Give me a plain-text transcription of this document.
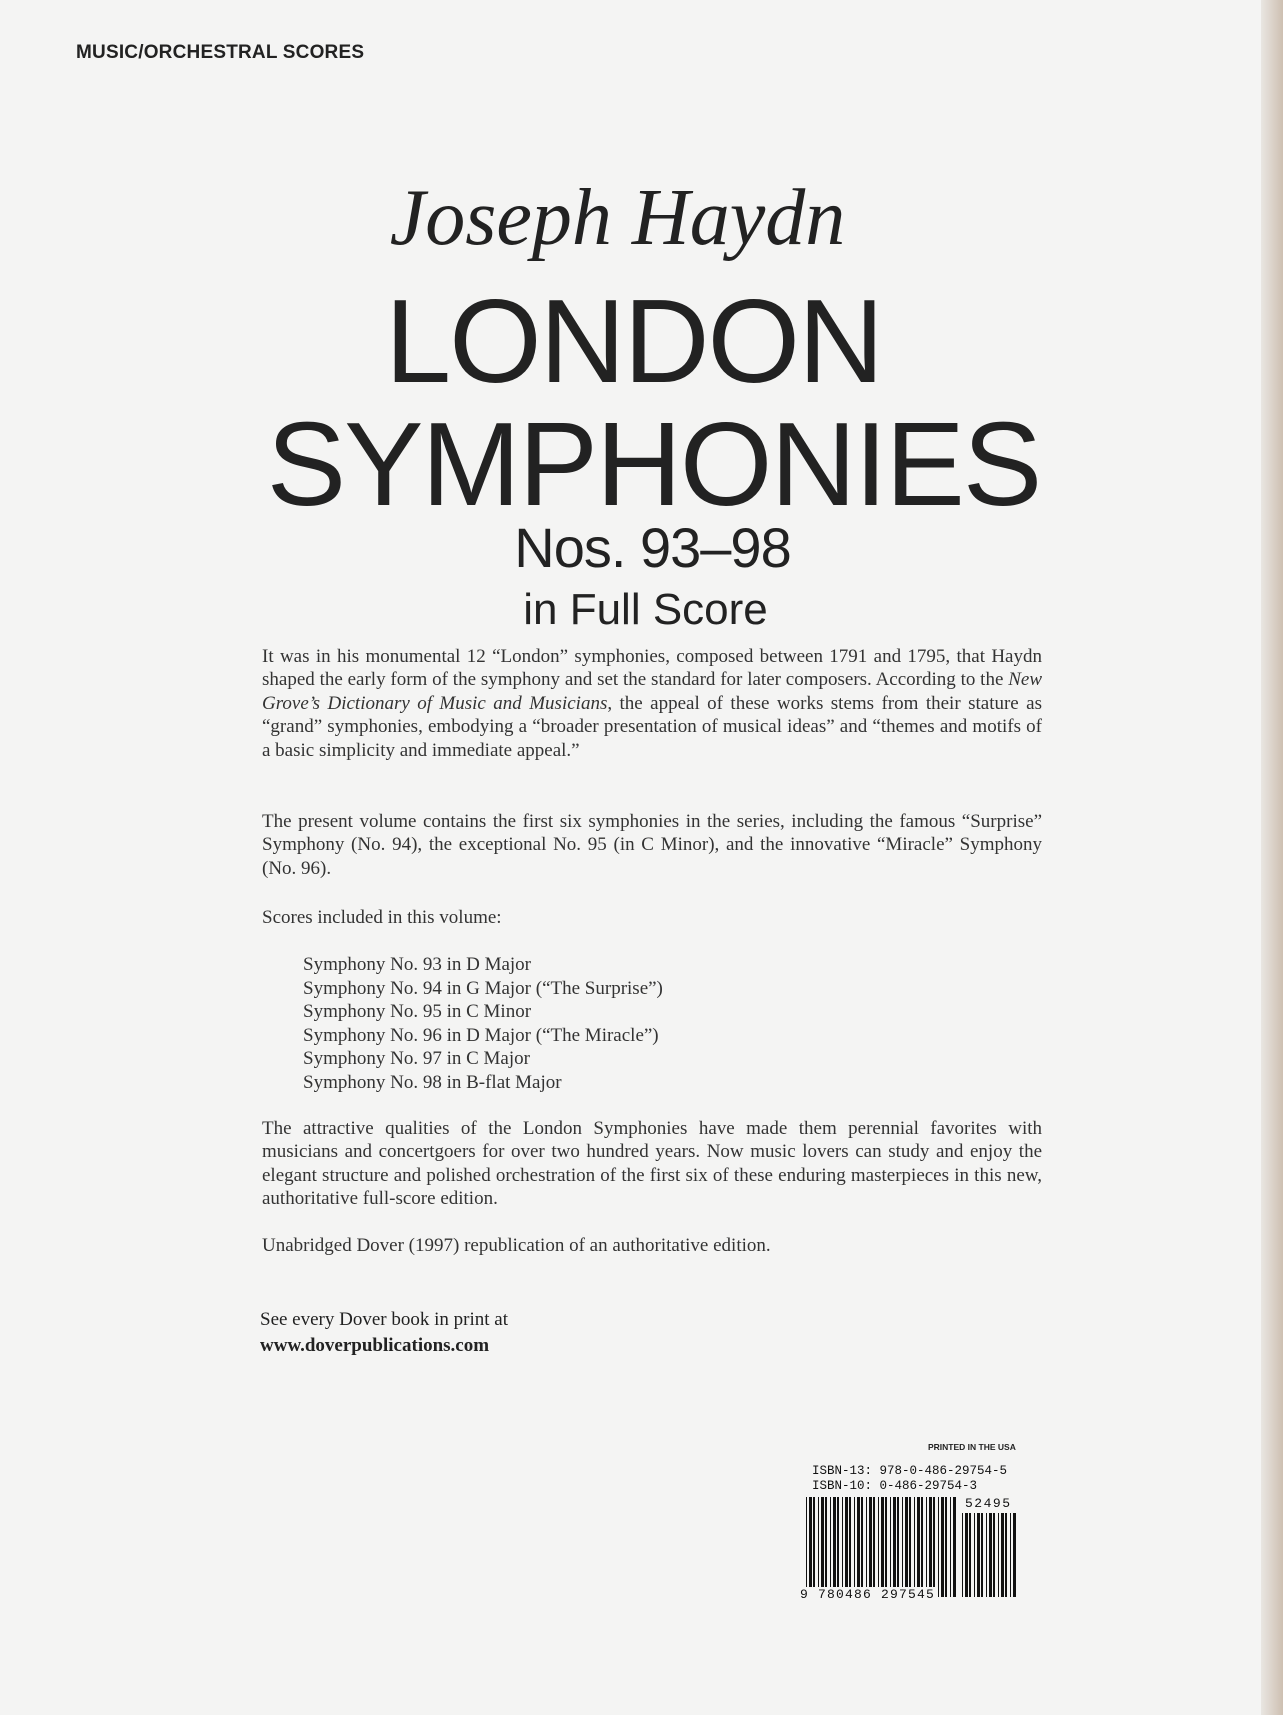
MUSIC/ORCHESTRAL SCORES
Joseph Haydn
LONDON
SYMPHONIES
Nos. 93–98
in Full Score
It was in his monumental 12 “London” symphonies, composed between 1791 and 1795, that Haydn shaped the early form of the symphony and set the standard for later composers. According to the New Grove’s Dictionary of Music and Musicians, the appeal of these works stems from their stature as “grand” symphonies, embodying a “broader presentation of musical ideas” and “themes and motifs of a basic simplicity and immediate appeal.”
The present volume contains the first six symphonies in the series, including the famous “Surprise” Symphony (No. 94), the exceptional No. 95 (in C Minor), and the innovative “Miracle” Symphony (No. 96).
Scores included in this volume:
Symphony No. 93 in D Major
Symphony No. 94 in G Major (“The Surprise”)
Symphony No. 95 in C Minor
Symphony No. 96 in D Major (“The Miracle”)
Symphony No. 97 in C Major
Symphony No. 98 in B-flat Major
The attractive qualities of the London Symphonies have made them perennial favorites with musicians and concertgoers for over two hundred years. Now music lovers can study and enjoy the elegant structure and polished orchestration of the first six of these enduring masterpieces in this new, authoritative full-score edition.
Unabridged Dover (1997) republication of an authoritative edition.
See every Dover book in print at
www.doverpublications.com
PRINTED IN THE USA
ISBN-13: 978-0-486-29754-5
ISBN-10: 0-486-29754-3
52495
9 780486 297545
